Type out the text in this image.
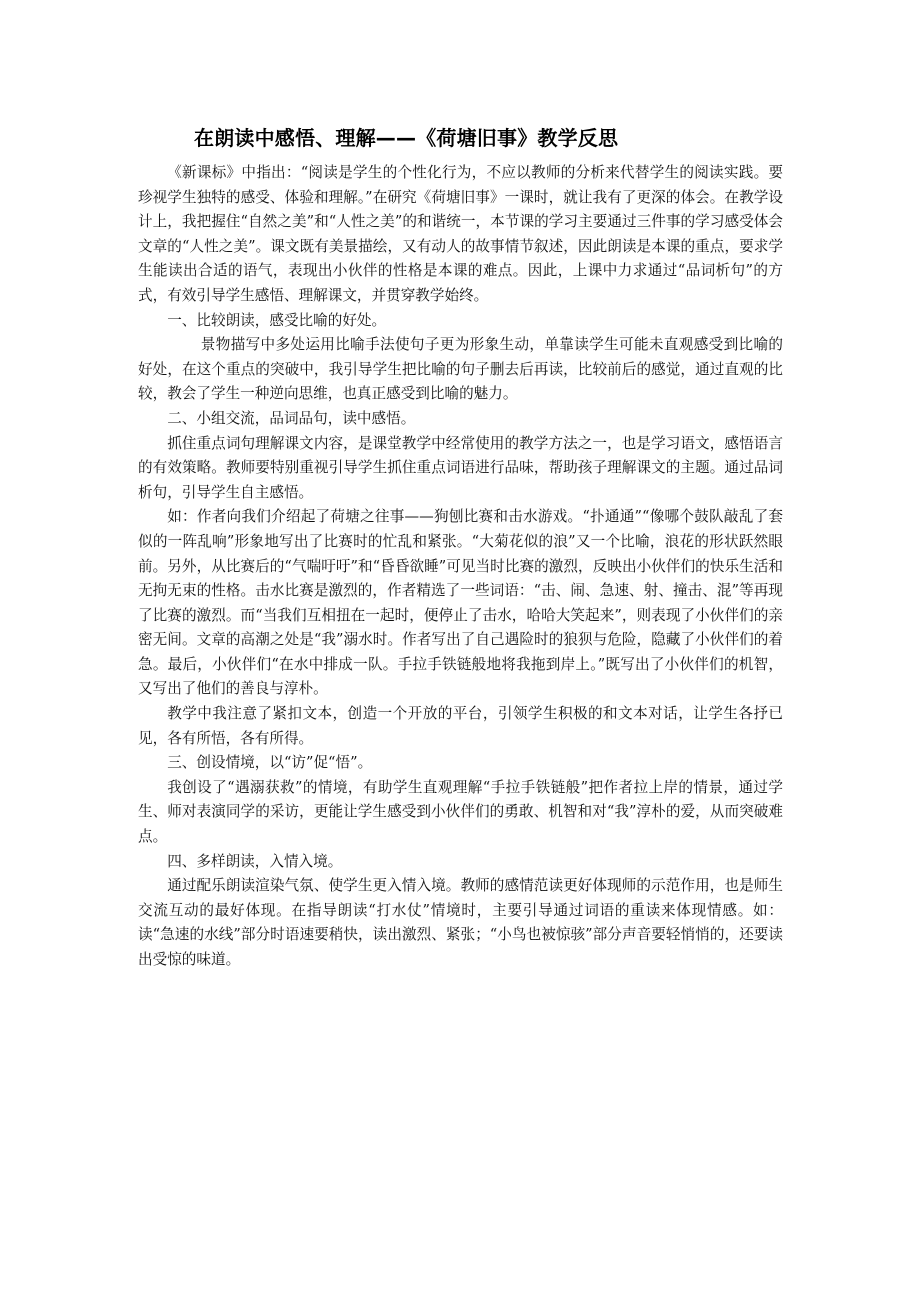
在朗读中感悟、理解——《荷塘旧事》教学反思

《新课标》中指出：“阅读是学生的个性化行为，不应以教师的分析来代替学生的阅读实践。要珍视学生独特的感受、体验和理解。”在研究《荷塘旧事》一课时，就让我有了更深的体会。在教学设计上，我把握住“自然之美”和“人性之美”的和谐统一，本节课的学习主要通过三件事的学习感受体会文章的“人性之美”。课文既有美景描绘，又有动人的故事情节叙述，因此朗读是本课的重点，要求学生能读出合适的语气，表现出小伙伴的性格是本课的难点。因此，上课中力求通过“品词析句”的方式，有效引导学生感悟、理解课文，并贯穿教学始终。

一、比较朗读，感受比喻的好处。

景物描写中多处运用比喻手法使句子更为形象生动，单靠读学生可能未直观感受到比喻的好处，在这个重点的突破中，我引导学生把比喻的句子删去后再读，比较前后的感觉，通过直观的比较，教会了学生一种逆向思维，也真正感受到比喻的魅力。

二、小组交流，品词品句，读中感悟。

抓住重点词句理解课文内容，是课堂教学中经常使用的教学方法之一，也是学习语文，感悟语言的有效策略。教师要特别重视引导学生抓住重点词语进行品味，帮助孩子理解课文的主题。通过品词析句，引导学生自主感悟。

如：作者向我们介绍起了荷塘之往事——狗刨比赛和击水游戏。“扑通通”“像哪个鼓队敲乱了套似的一阵乱响”形象地写出了比赛时的忙乱和紧张。“大菊花似的浪”又一个比喻，浪花的形状跃然眼前。另外，从比赛后的“气喘吁吁”和“昏昏欲睡”可见当时比赛的激烈，反映出小伙伴们的快乐生活和无拘无束的性格。击水比赛是激烈的，作者精选了一些词语：“击、闹、急速、射、撞击、混”等再现了比赛的激烈。而“当我们互相扭在一起时，便停止了击水，哈哈大笑起来”，则表现了小伙伴们的亲密无间。文章的高潮之处是“我”溺水时。作者写出了自己遇险时的狼狈与危险，隐藏了小伙伴们的着急。最后，小伙伴们“在水中排成一队。手拉手铁链般地将我拖到岸上。”既写出了小伙伴们的机智，又写出了他们的善良与淳朴。

教学中我注意了紧扣文本，创造一个开放的平台，引领学生积极的和文本对话，让学生各抒已见，各有所悟，各有所得。

三、创设情境，以“访”促“悟”。

我创设了“遇溺获救”的情境，有助学生直观理解“手拉手铁链般”把作者拉上岸的情景，通过学生、师对表演同学的采访，更能让学生感受到小伙伴们的勇敢、机智和对“我”淳朴的爱，从而突破难点。

四、多样朗读，入情入境。

通过配乐朗读渲染气氛、使学生更入情入境。教师的感情范读更好体现师的示范作用，也是师生交流互动的最好体现。在指导朗读“打水仗”情境时，主要引导通过词语的重读来体现情感。如：读“急速的水线”部分时语速要稍快，读出激烈、紧张；“小鸟也被惊骇”部分声音要轻悄悄的，还要读出受惊的味道。
